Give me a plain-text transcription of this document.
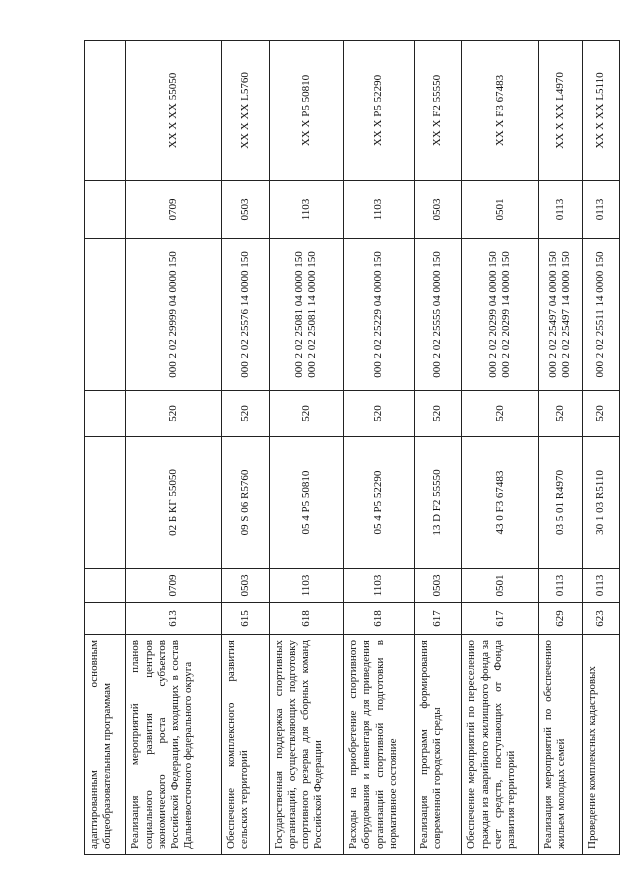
адаптированным основным общеобразовательным программам							
Реализация мероприятий планов социального развития центров экономического роста субъектов Российской Федерации, входящих в состав Дальневосточного федерального округа	613	0709	02 Б КГ 55050	520	000 2 02 29999 04 0000 150	0709	XX X XX 55050
Обеспечение комплексного развития сельских территорий	615	0503	09 S 06 R5760	520	000 2 02 25576 14 0000 150	0503	XX X XX L5760
Государственная поддержка спортивных организаций, осуществляющих подготовку спортивного резерва для сборных команд Российской Федерации	618	1103	05 4 P5 50810	520	000 2 02 25081 04 0000 150 000 2 02 25081 14 0000 150	1103	XX X P5 50810
Расходы на приобретение спортивного оборудования и инвентаря для приведения организаций спортивной подготовки в нормативное состояние	618	1103	05 4 P5 52290	520	000 2 02 25229 04 0000 150	1103	XX X P5 52290
Реализация программ формирования современной городской среды	617	0503	13 D F2 55550	520	000 2 02 25555 04 0000 150	0503	XX X F2 55550
Обеспечение мероприятий по переселению граждан из аварийного жилищного фонда за счет средств, поступающих от Фонда развития территорий	617	0501	43 0 F3 67483	520	000 2 02 20299 04 0000 150 000 2 02 20299 14 0000 150	0501	XX X F3 67483
Реализация мероприятий по обеспечению жильем молодых семей	629	0113	03 5 01 R4970	520	000 2 02 25497 04 0000 150 000 2 02 25497 14 0000 150	0113	XX X XX L4970
Проведение комплексных кадастровых	623	0113	30 1 03 R5110	520	000 2 02 25511 14 0000 150	0113	XX X XX L5110
